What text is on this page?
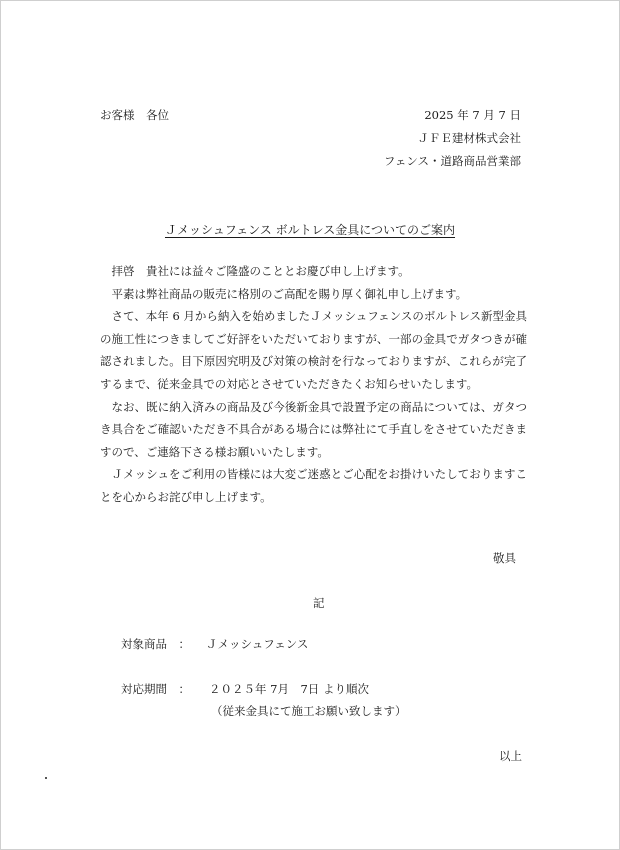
お客様　各位	2025 年 7 月 7 日
ＪＦＥ建材株式会社
フェンス・道路商品営業部
Ｊメッシュフェンス ボルトレス金具についてのご案内

拝啓　貴社には益々ご隆盛のこととお慶び申し上げます。

平素は弊社商品の販売に格別のご高配を賜り厚く御礼申し上げます。

さて、本年 6 月から納入を始めましたＪメッシュフェンスのボルトレス新型金具の施工性につきましてご好評をいただいておりますが、一部の金具でガタつきが確認されました。目下原因究明及び対策の検討を行なっておりますが、これらが完了するまで、従来金具での対応とさせていただきたくお知らせいたします。

なお、既に納入済みの商品及び今後新金具で設置予定の商品については、ガタつき具合をご確認いただき不具合がある場合には弊社にて手直しをさせていただきますので、ご連絡下さる様お願いいたします。

Ｊメッシュをご利用の皆様には大変ご迷惑とご心配をお掛けいたしておりますことを心からお詫び申し上げます。

敬具
記
対象商品　： Ｊメッシュフェンス
対応期間　： ２０２５年 7月　7日 より順次
（従来金具にて施工お願い致します）
以上
